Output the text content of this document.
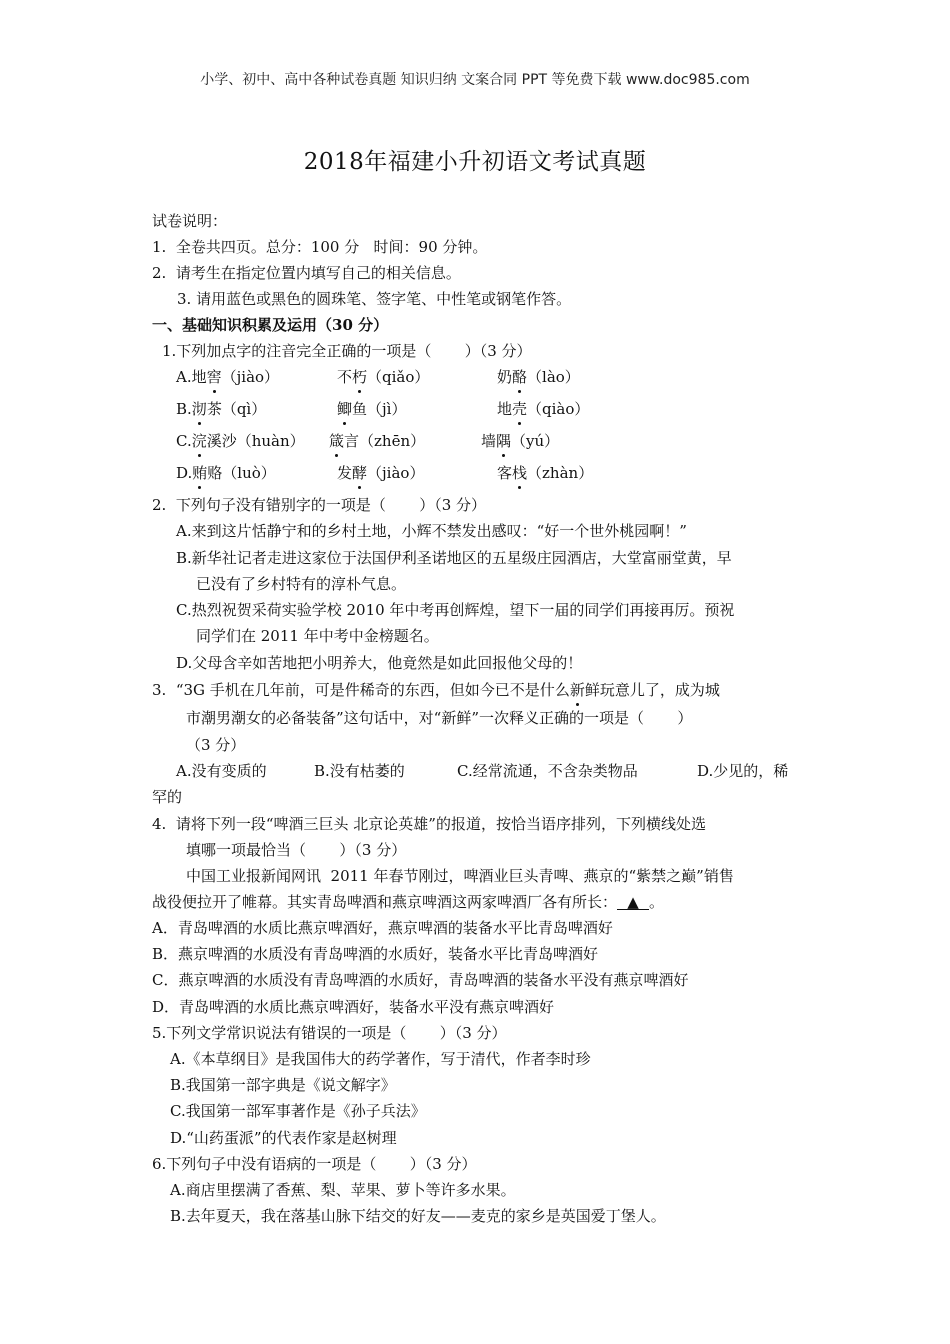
小学、初中、高中各种试卷真题 知识归纳 文案合同 PPT 等免费下载 www.doc985.com
2018年福建小升初语文考试真题
试卷说明：
1.  全卷共四页。总分：100 分   时间：90 分钟。
2.  请考生在指定位置内填写自己的相关信息。
3. 请用蓝色或黑色的圆珠笔、签字笔、中性笔或钢笔作答。
一、基础知识积累及运用（30 分）
1.下列加点字的注音完全正确的一项是（       ）（3 分）
A.地窖（jiào）	不朽（qiǎo）	奶酪（lào）
B.沏茶（qì）	鲫鱼（jì）	地壳（qiào）
C.浣溪沙（huàn） 箴言（zhēn）	墙隅（yú）
D.贿赂（luò）	发酵（jiào）	客栈（zhàn）
2.  下列句子没有错别字的一项是（       ）（3 分）
A.来到这片恬静宁和的乡村土地，小辉不禁发出感叹：“好一个世外桃园啊！”
B.新华社记者走进这家位于法国伊利圣诺地区的五星级庄园酒店，大堂富丽堂黄，早
已没有了乡村特有的淳朴气息。
C.热烈祝贺采荷实验学校 2010 年中考再创辉煌，望下一届的同学们再接再厉。预祝
同学们在 2011 年中考中金榜题名。
D.父母含辛如苦地把小明养大，他竟然是如此回报他父母的！
3.  “3G 手机在几年前，可是件稀奇的东西，但如今已不是什么新鲜玩意儿了，成为城
市潮男潮女的必备装备”这句话中，对“新鲜”一次释义正确的一项是（       ）
（3 分）
A.没有变质的	B.没有枯萎的	C.经常流通，不含杂类物品	D.少见的，稀
罕的
4.  请将下列一段“啤酒三巨头 北京论英雄”的报道，按恰当语序排列，下列横线处选
填哪一项最恰当（       ）（3 分）
中国工业报新闻网讯  2011 年春节刚过，啤酒业巨头青啤、燕京的“紫禁之巅”销售
战役便拉开了帷幕。其实青岛啤酒和燕京啤酒这两家啤酒厂各有所长： ▲ 。
A．青岛啤酒的水质比燕京啤酒好，燕京啤酒的装备水平比青岛啤酒好
B．燕京啤酒的水质没有青岛啤酒的水质好，装备水平比青岛啤酒好
C．燕京啤酒的水质没有青岛啤酒的水质好，青岛啤酒的装备水平没有燕京啤酒好
D．青岛啤酒的水质比燕京啤酒好，装备水平没有燕京啤酒好
5.下列文学常识说法有错误的一项是（       ）（3 分）
A.《本草纲目》是我国伟大的药学著作，写于清代，作者李时珍
B.我国第一部字典是《说文解字》
C.我国第一部军事著作是《孙子兵法》
D.“山药蛋派”的代表作家是赵树理
6.下列句子中没有语病的一项是（       ）（3 分）
A.商店里摆满了香蕉、梨、苹果、萝卜等许多水果。
B.去年夏天，我在落基山脉下结交的好友——麦克的家乡是英国爱丁堡人。
